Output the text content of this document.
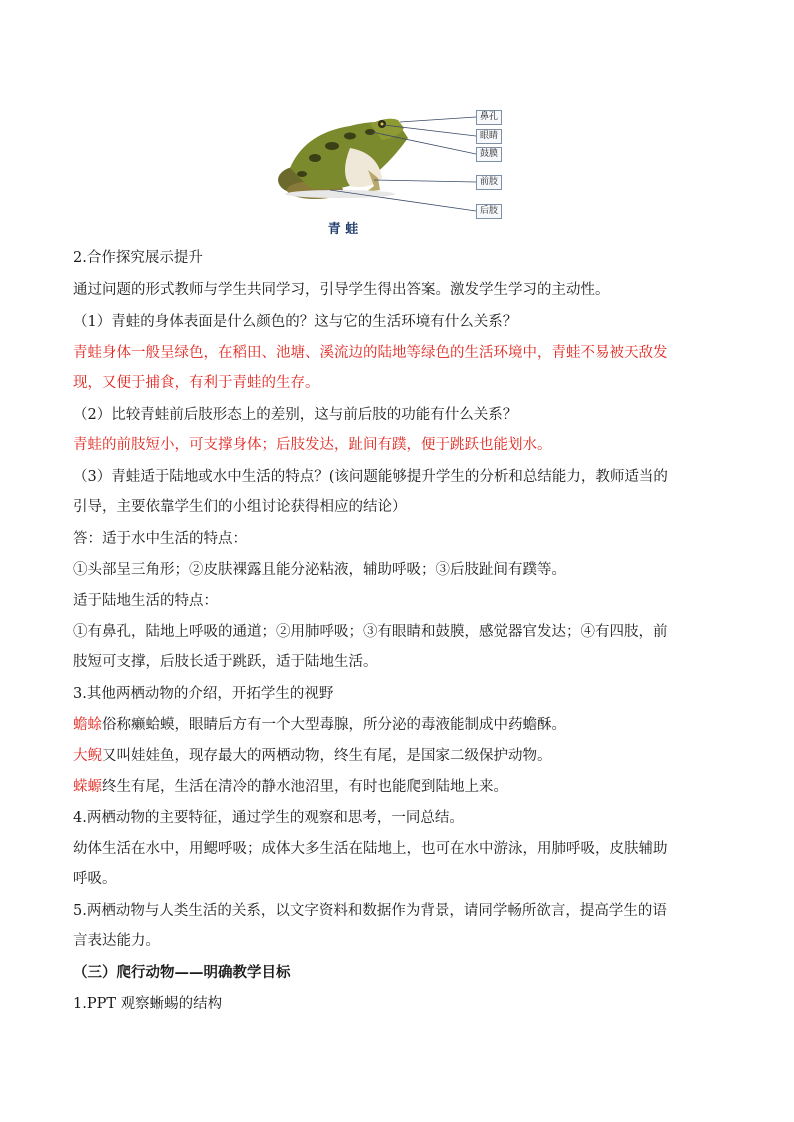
鼻孔
眼睛
鼓膜
前肢
后肢
青 蛙
2.合作探究展示提升
通过问题的形式教师与学生共同学习，引导学生得出答案。激发学生学习的主动性。
（1）青蛙的身体表面是什么颜色的？这与它的生活环境有什么关系？
青蛙身体一般呈绿色，在稻田、池塘、溪流边的陆地等绿色的生活环境中，青蛙不易被天敌发
现，又便于捕食，有利于青蛙的生存。
（2）比较青蛙前后肢形态上的差别，这与前后肢的功能有什么关系？
青蛙的前肢短小，可支撑身体；后肢发达，趾间有蹼，便于跳跃也能划水。
（3）青蛙适于陆地或水中生活的特点？(该问题能够提升学生的分析和总结能力，教师适当的
引导，主要依靠学生们的小组讨论获得相应的结论）
答：适于水中生活的特点：
①头部呈三角形；②皮肤裸露且能分泌粘液，辅助呼吸；③后肢趾间有蹼等。
适于陆地生活的特点：
①有鼻孔，陆地上呼吸的通道；②用肺呼吸；③有眼睛和鼓膜，感觉器官发达；④有四肢，前
肢短可支撑，后肢长适于跳跃，适于陆地生活。
3.其他两栖动物的介绍，开拓学生的视野
蟾蜍俗称癞蛤蟆，眼睛后方有一个大型毒腺，所分泌的毒液能制成中药蟾酥。
大鲵又叫娃娃鱼，现存最大的两栖动物，终生有尾，是国家二级保护动物。
蝾螈终生有尾，生活在清冷的静水池沼里，有时也能爬到陆地上来。
4.两栖动物的主要特征，通过学生的观察和思考，一同总结。
幼体生活在水中，用鳃呼吸；成体大多生活在陆地上，也可在水中游泳，用肺呼吸，皮肤辅助
呼吸。
5.两栖动物与人类生活的关系，以文字资料和数据作为背景，请同学畅所欲言，提高学生的语
言表达能力。
（三）爬行动物——明确教学目标
1.PPT 观察蜥蜴的结构
